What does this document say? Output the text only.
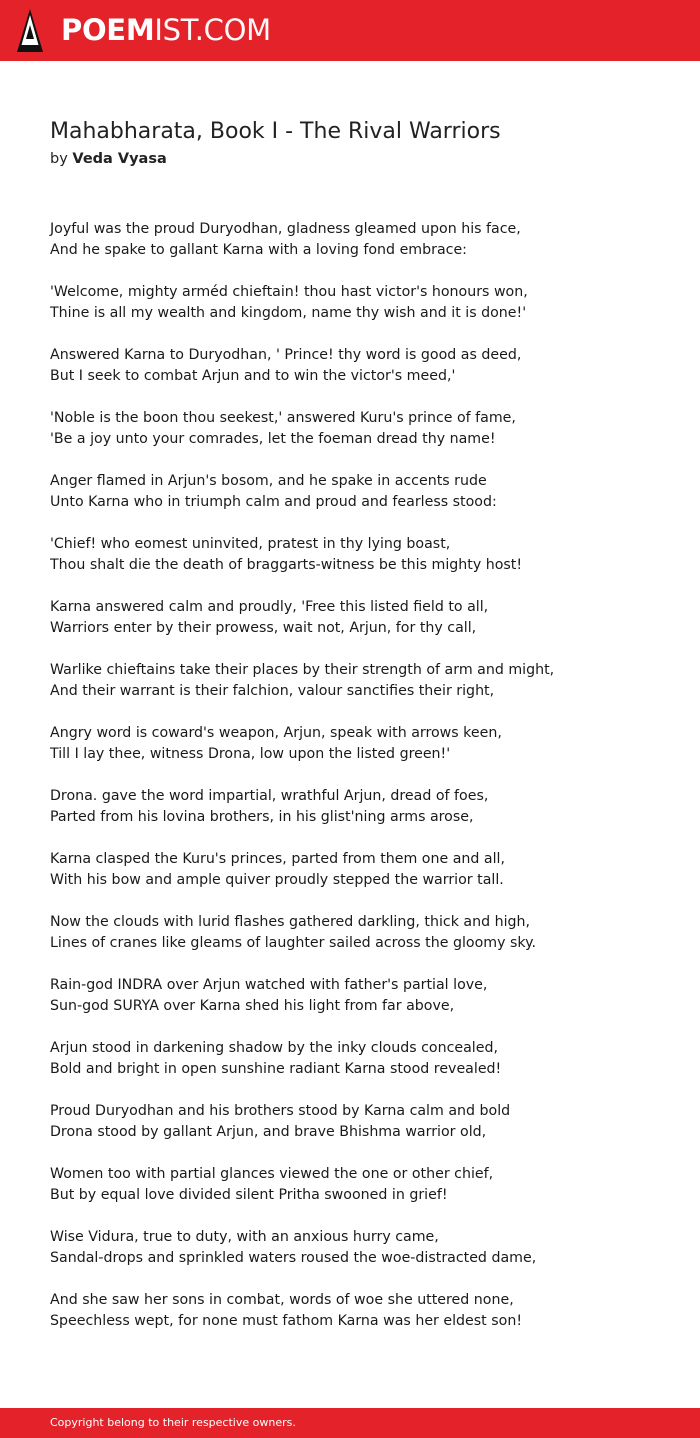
POEMIST.COM
Mahabharata, Book I - The Rival Warriors
by Veda Vyasa
Joyful was the proud Duryodhan, gladness gleamed upon his face,
And he spake to gallant Karna with a loving fond embrace:
'Welcome, mighty arméd chieftain! thou hast victor's honours won,
Thine is all my wealth and kingdom, name thy wish and it is done!'
Answered Karna to Duryodhan, ' Prince! thy word is good as deed,
But I seek to combat Arjun and to win the victor's meed,'
'Noble is the boon thou seekest,' answered Kuru's prince of fame,
'Be a joy unto your comrades, let the foeman dread thy name!
Anger flamed in Arjun's bosom, and he spake in accents rude
Unto Karna who in triumph calm and proud and fearless stood:
'Chief! who eomest uninvited, pratest in thy lying boast,
Thou shalt die the death of braggarts-witness be this mighty host!
Karna answered calm and proudly, 'Free this listed field to all,
Warriors enter by their prowess, wait not, Arjun, for thy call,
Warlike chieftains take their places by their strength of arm and might,
And their warrant is their falchion, valour sanctifies their right,
Angry word is coward's weapon, Arjun, speak with arrows keen,
Till I lay thee, witness Drona, low upon the listed green!'
Drona. gave the word impartial, wrathful Arjun, dread of foes,
Parted from his lovina brothers, in his glist'ning arms arose,
Karna clasped the Kuru's princes, parted from them one and all,
With his bow and ample quiver proudly stepped the warrior tall.
Now the clouds with lurid flashes gathered darkling, thick and high,
Lines of cranes like gleams of laughter sailed across the gloomy sky.
Rain-god INDRA over Arjun watched with father's partial love,
Sun-god SURYA over Karna shed his light from far above,
Arjun stood in darkening shadow by the inky clouds concealed,
Bold and bright in open sunshine radiant Karna stood revealed!
Proud Duryodhan and his brothers stood by Karna calm and bold
Drona stood by gallant Arjun, and brave Bhishma warrior old,
Women too with partial glances viewed the one or other chief,
But by equal love divided silent Pritha swooned in grief!
Wise Vidura, true to duty, with an anxious hurry came,
Sandal-drops and sprinkled waters roused the woe-distracted dame,
And she saw her sons in combat, words of woe she uttered none,
Speechless wept, for none must fathom Karna was her eldest son!
Copyright belong to their respective owners.
